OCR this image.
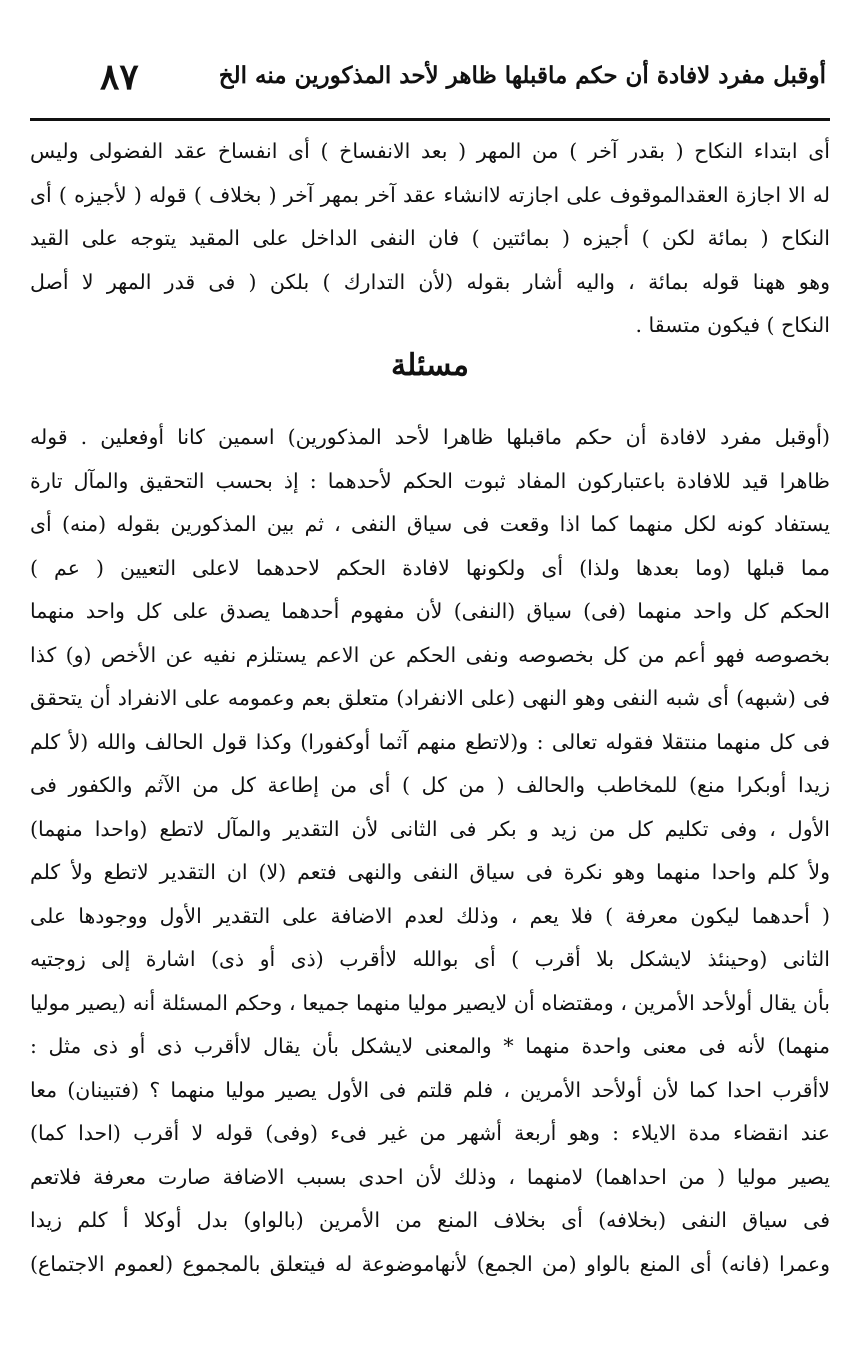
أوقبل مفرد لافادة أن حكم ماقبلها ظاهر لأحد المذكورين منه الخ
٨٧
أى ابتداء النكاح ( بقدر آخر ) من المهر ( بعد الانفساخ ) أى انفساخ عقد الفضولى وليس
له الا اجازة العقدالموقوف على اجازته لاانشاء عقد آخر بمهر آخر ( بخلاف ) قوله ( لأجيزه ) أى
النكاح ( بمائة لكن ) أجيزه ( بمائتين ) فان النفى الداخل على المقيد يتوجه على القيد
وهو ههنا قوله بمائة ، واليه أشار بقوله (لأن التدارك ) بلكن ( فى قدر المهر لا أصل
النكاح ) فيكون متسقا .
مسئلة
(أوقبل مفرد لافادة أن حكم ماقبلها ظاهرا لأحد المذكورين) اسمين كانا أوفعلين . قوله
ظاهرا قيد للافادة باعتباركون المفاد ثبوت الحكم لأحدهما : إذ بحسب التحقيق والمآل تارة
يستفاد كونه لكل منهما كما اذا وقعت فى سياق النفى ، ثم بين المذكورين بقوله (منه) أى
مما قبلها (وما بعدها ولذا) أى ولكونها لافادة الحكم لاحدهما لاعلى التعيين ( عم )
الحكم كل واحد منهما (فى) سياق (النفى) لأن مفهوم أحدهما يصدق على كل واحد منهما
بخصوصه فهو أعم من كل بخصوصه ونفى الحكم عن الاعم يستلزم نفيه عن الأخص (و) كذا
فى (شبهه) أى شبه النفى وهو النهى (على الانفراد) متعلق بعم وعمومه على الانفراد أن يتحقق
فى كل منهما منتقلا فقوله تعالى : و(لاتطع منهم آثما أوكفورا) وكذا قول الحالف والله (لأ كلم
زيدا أوبكرا منع) للمخاطب والحالف ( من كل ) أى من إطاعة كل من الآثم والكفور فى
الأول ، وفى تكليم كل من زيد و بكر فى الثانى لأن التقدير والمآل لاتطع (واحدا منهما)
ولأ كلم واحدا منهما وهو نكرة فى سياق النفى والنهى فتعم (لا) ان التقدير لاتطع ولأ كلم
( أحدهما ليكون معرفة ) فلا يعم ، وذلك لعدم الاضافة على التقدير الأول ووجودها على
الثانى (وحينئذ لايشكل بلا أقرب ) أى بوالله لاأقرب (ذى أو ذى) اشارة إلى زوجتيه
بأن يقال أولأحد الأمرين ، ومقتضاه أن لايصير موليا منهما جميعا ، وحكم المسئلة أنه (يصير موليا
منهما) لأنه فى معنى واحدة منهما * والمعنى لايشكل بأن يقال لاأقرب ذى أو ذى مثل :
لاأقرب احدا كما لأن أولأحد الأمرين ، فلم قلتم فى الأول يصير موليا منهما ؟ (فتبينان) معا
عند انقضاء مدة الايلاء : وهو أربعة أشهر من غير فىء (وفى) قوله لا أقرب (احدا كما)
يصير موليا ( من احداهما) لامنهما ، وذلك لأن احدى بسبب الاضافة صارت معرفة فلاتعم
فى سياق النفى (بخلافه) أى بخلاف المنع من الأمرين (بالواو) بدل أوكلا أ كلم زيدا
وعمرا (فانه) أى المنع بالواو (من الجمع) لأنهاموضوعة له فيتعلق بالمجموع (لعموم الاجتماع)
